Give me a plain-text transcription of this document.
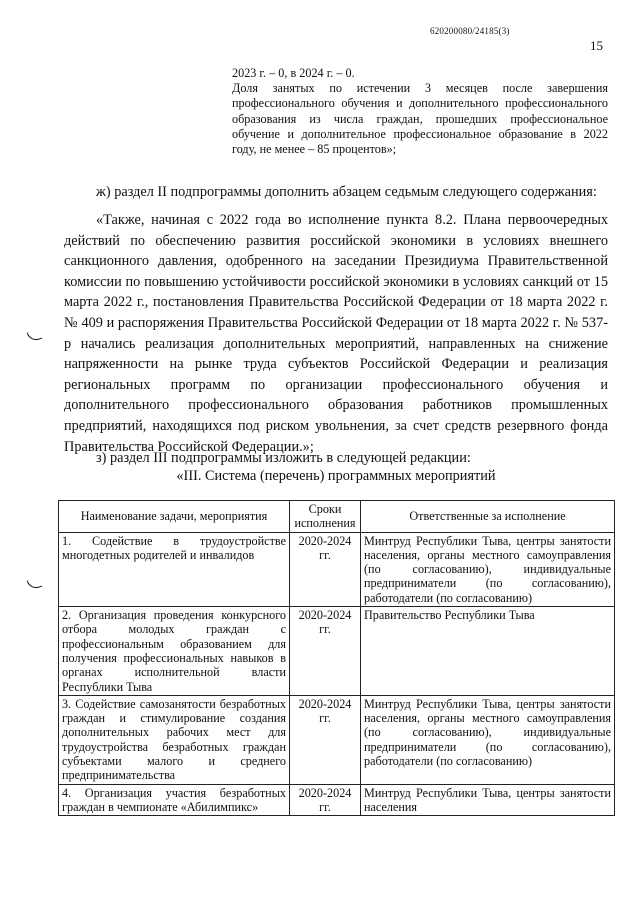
620200080/24185(3)
15

2023 г. – 0, в 2024 г. – 0.

Доля занятых по истечении 3 месяцев после завершения профессионального обучения и дополнительного профессионального образования из числа граждан, прошедших профессиональное обучение и дополнительное профессиональное образование в 2022 году, не менее – 85 процентов»;

ж) раздел II подпрограммы дополнить абзацем седьмым следующего содержания:

«Также, начиная с 2022 года во исполнение пункта 8.2. Плана первоочередных действий по обеспечению развития российской экономики в условиях внешнего санкционного давления, одобренного на заседании Президиума Правительственной комиссии по повышению устойчивости российской экономики в условиях санкций от 15 марта 2022 г., постановления Правительства Российской Федерации от 18 марта 2022 г. № 409 и распоряжения Правительства Российской Федерации от 18 марта 2022 г. № 537-р начались реализация дополнительных мероприятий, направленных на снижение напряженности на рынке труда субъектов Российской Федерации и реализация региональных программ по организации профессионального обучения и дополнительного профессионального образования работников промышленных предприятий, находящихся под риском увольнения, за счет средств резервного фонда Правительства Российской Федерации.»;

з) раздел III подпрограммы изложить в следующей редакции:

«III. Система (перечень) программных мероприятий
Наименование задачи, мероприятия	Сроки исполнения	Ответственные за исполнение
1. Содействие в трудоустройстве многодетных родителей и инвалидов	2020-2024 гг.	Минтруд Республики Тыва, центры занятости населения, органы местного самоуправления (по согласованию), индивидуальные предприниматели (по согласованию), работодатели (по согласованию)
2. Организация проведения конкурсного отбора молодых граждан с профессиональным образованием для получения профессиональных навыков в органах исполнительной власти Республики Тыва	2020-2024 гг.	Правительство Республики Тыва
3. Содействие самозанятости безработных граждан и стимулирование создания дополнительных рабочих мест для трудоустройства безработных граждан субъектами малого и среднего предпринимательства	2020-2024 гг.	Минтруд Республики Тыва, центры занятости населения, органы местного самоуправления (по согласованию), индивидуальные предприниматели (по согласованию), работодатели (по согласованию)
4. Организация участия безработных граждан в чемпионате «Абилимпикс»	2020-2024 гг.	Минтруд Республики Тыва, центры занятости населения
